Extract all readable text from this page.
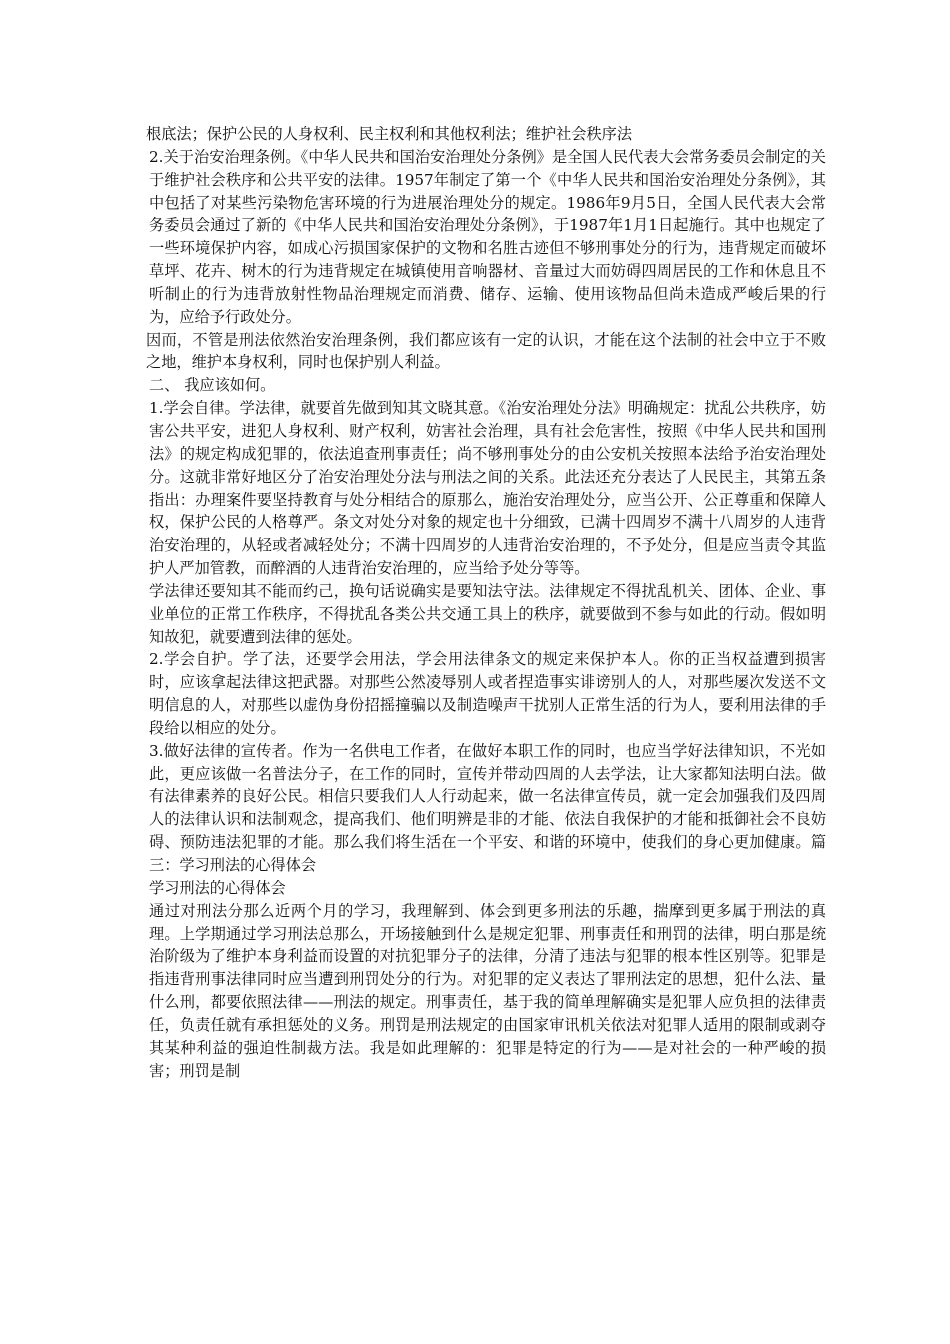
根底法；保护公民的人身权利、民主权利和其他权利法；维护社会秩序法

2.关于治安治理条例。《中华人民共和国治安治理处分条例》是全国人民代表大会常务委员会制定的关于维护社会秩序和公共平安的法律。1957年制定了第一个《中华人民共和国治安治理处分条例》，其中包括了对某些污染物危害环境的行为进展治理处分的规定。1986年9月5日，全国人民代表大会常务委员会通过了新的《中华人民共和国治安治理处分条例》，于1987年1月1日起施行。其中也规定了一些环境保护内容，如成心污损国家保护的文物和名胜古迹但不够刑事处分的行为，违背规定而破坏草坪、花卉、树木的行为违背规定在城镇使用音响器材、音量过大而妨碍四周居民的工作和休息且不听制止的行为违背放射性物品治理规定而消费、储存、运输、使用该物品但尚未造成严峻后果的行为，应给予行政处分。

因而，不管是刑法依然治安治理条例，我们都应该有一定的认识，才能在这个法制的社会中立于不败之地，维护本身权利，同时也保护别人利益。

二、 我应该如何。

1.学会自律。学法律，就要首先做到知其文晓其意。《治安治理处分法》明确规定：扰乱公共秩序，妨害公共平安，进犯人身权利、财产权利，妨害社会治理，具有社会危害性，按照《中华人民共和国刑法》的规定构成犯罪的，依法追查刑事责任；尚不够刑事处分的由公安机关按照本法给予治安治理处分。这就非常好地区分了治安治理处分法与刑法之间的关系。此法还充分表达了人民民主，其第五条指出：办理案件要坚持教育与处分相结合的原那么，施治安治理处分，应当公开、公正尊重和保障人权，保护公民的人格尊严。条文对处分对象的规定也十分细致，已满十四周岁不满十八周岁的人违背治安治理的，从轻或者减轻处分；不满十四周岁的人违背治安治理的，不予处分，但是应当责令其监护人严加管教，而醉酒的人违背治安治理的，应当给予处分等等。

学法律还要知其不能而约己，换句话说确实是要知法守法。法律规定不得扰乱机关、团体、企业、事业单位的正常工作秩序，不得扰乱各类公共交通工具上的秩序，就要做到不参与如此的行动。假如明知故犯，就要遭到法律的惩处。

2.学会自护。学了法，还要学会用法，学会用法律条文的规定来保护本人。你的正当权益遭到损害时，应该拿起法律这把武器。对那些公然凌辱别人或者捏造事实诽谤别人的人，对那些屡次发送不文明信息的人，对那些以虚伪身份招摇撞骗以及制造噪声干扰别人正常生活的行为人，要利用法律的手段给以相应的处分。

3.做好法律的宣传者。作为一名供电工作者，在做好本职工作的同时，也应当学好法律知识，不光如此，更应该做一名普法分子，在工作的同时，宣传并带动四周的人去学法，让大家都知法明白法。做有法律素养的良好公民。相信只要我们人人行动起来，做一名法律宣传员，就一定会加强我们及四周人的法律认识和法制观念，提高我们、他们明辨是非的才能、依法自我保护的才能和抵御社会不良妨碍、预防违法犯罪的才能。那么我们将生活在一个平安、和谐的环境中，使我们的身心更加健康。篇三：学习刑法的心得体会

学习刑法的心得体会

通过对刑法分那么近两个月的学习，我理解到、体会到更多刑法的乐趣，揣摩到更多属于刑法的真理。上学期通过学习刑法总那么，开场接触到什么是规定犯罪、刑事责任和刑罚的法律，明白那是统治阶级为了维护本身利益而设置的对抗犯罪分子的法律，分清了违法与犯罪的根本性区别等。犯罪是指违背刑事法律同时应当遭到刑罚处分的行为。对犯罪的定义表达了罪刑法定的思想，犯什么法、量什么刑，都要依照法律——刑法的规定。刑事责任，基于我的简单理解确实是犯罪人应负担的法律责任，负责任就有承担惩处的义务。刑罚是刑法规定的由国家审讯机关依法对犯罪人适用的限制或剥夺其某种利益的强迫性制裁方法。我是如此理解的：犯罪是特定的行为——是对社会的一种严峻的损害；刑罚是制
